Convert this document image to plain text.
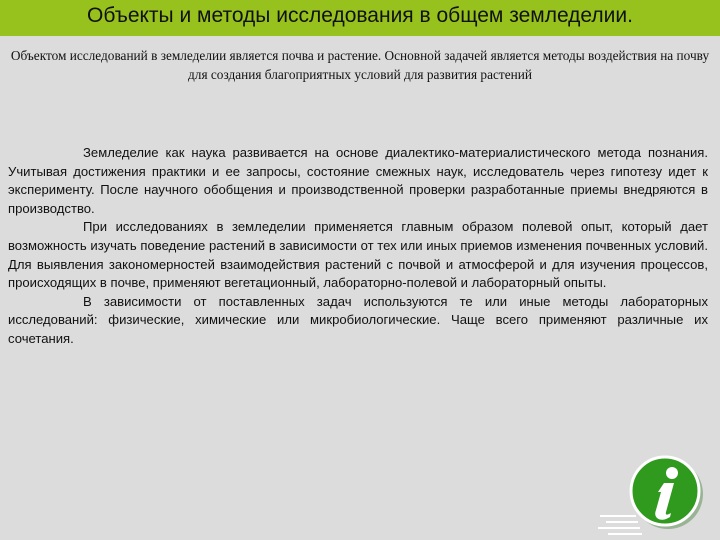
Объекты и методы исследования в общем земледелии.
Объектом исследований в земледелии является почва и растение. Основной задачей является методы воздействия на почву для создания благоприятных условий для развития растений

Земледелие как наука развивается на основе диалектико-материалистического метода познания. Учитывая достижения практики и ее запросы, состояние смежных наук, исследователь через гипотезу идет к эксперименту. После научного обобщения и производственной проверки разработанные приемы внедряются в производство.

При исследованиях в земледелии применяется главным образом полевой опыт, который дает возможность изучать поведение растений в зависимости от тех или иных приемов изменения почвенных условий. Для выявления закономерностей взаимодействия растений с почвой и атмосферой и для изучения процессов, происходящих в почве, применяют вегетационный, лабораторно-полевой и лабораторный опыты.

В зависимости от поставленных задач используются те или иные методы лабораторных исследований: физические, химические или микробиологические. Чаще всего применяют различные их сочетания.
